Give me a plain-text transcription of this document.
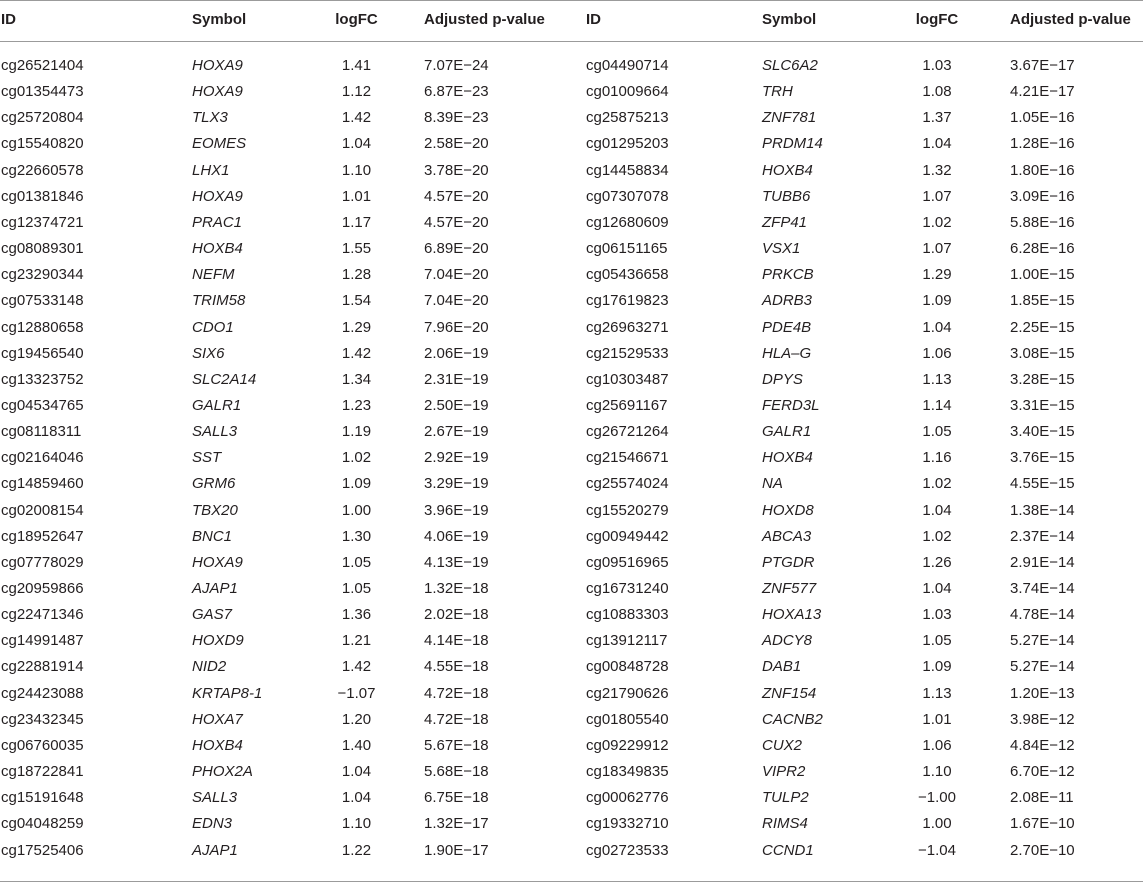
ID	Symbol	logFC	Adjusted p-value	ID	Symbol	logFC	Adjusted p-value
cg26521404	HOXA9	1.41	7.07E−24	cg04490714	SLC6A2	1.03	3.67E−17
cg01354473	HOXA9	1.12	6.87E−23	cg01009664	TRH	1.08	4.21E−17
cg25720804	TLX3	1.42	8.39E−23	cg25875213	ZNF781	1.37	1.05E−16
cg15540820	EOMES	1.04	2.58E−20	cg01295203	PRDM14	1.04	1.28E−16
cg22660578	LHX1	1.10	3.78E−20	cg14458834	HOXB4	1.32	1.80E−16
cg01381846	HOXA9	1.01	4.57E−20	cg07307078	TUBB6	1.07	3.09E−16
cg12374721	PRAC1	1.17	4.57E−20	cg12680609	ZFP41	1.02	5.88E−16
cg08089301	HOXB4	1.55	6.89E−20	cg06151165	VSX1	1.07	6.28E−16
cg23290344	NEFM	1.28	7.04E−20	cg05436658	PRKCB	1.29	1.00E−15
cg07533148	TRIM58	1.54	7.04E−20	cg17619823	ADRB3	1.09	1.85E−15
cg12880658	CDO1	1.29	7.96E−20	cg26963271	PDE4B	1.04	2.25E−15
cg19456540	SIX6	1.42	2.06E−19	cg21529533	HLA–G	1.06	3.08E−15
cg13323752	SLC2A14	1.34	2.31E−19	cg10303487	DPYS	1.13	3.28E−15
cg04534765	GALR1	1.23	2.50E−19	cg25691167	FERD3L	1.14	3.31E−15
cg08118311	SALL3	1.19	2.67E−19	cg26721264	GALR1	1.05	3.40E−15
cg02164046	SST	1.02	2.92E−19	cg21546671	HOXB4	1.16	3.76E−15
cg14859460	GRM6	1.09	3.29E−19	cg25574024	NA	1.02	4.55E−15
cg02008154	TBX20	1.00	3.96E−19	cg15520279	HOXD8	1.04	1.38E−14
cg18952647	BNC1	1.30	4.06E−19	cg00949442	ABCA3	1.02	2.37E−14
cg07778029	HOXA9	1.05	4.13E−19	cg09516965	PTGDR	1.26	2.91E−14
cg20959866	AJAP1	1.05	1.32E−18	cg16731240	ZNF577	1.04	3.74E−14
cg22471346	GAS7	1.36	2.02E−18	cg10883303	HOXA13	1.03	4.78E−14
cg14991487	HOXD9	1.21	4.14E−18	cg13912117	ADCY8	1.05	5.27E−14
cg22881914	NID2	1.42	4.55E−18	cg00848728	DAB1	1.09	5.27E−14
cg24423088	KRTAP8-1	−1.07	4.72E−18	cg21790626	ZNF154	1.13	1.20E−13
cg23432345	HOXA7	1.20	4.72E−18	cg01805540	CACNB2	1.01	3.98E−12
cg06760035	HOXB4	1.40	5.67E−18	cg09229912	CUX2	1.06	4.84E−12
cg18722841	PHOX2A	1.04	5.68E−18	cg18349835	VIPR2	1.10	6.70E−12
cg15191648	SALL3	1.04	6.75E−18	cg00062776	TULP2	−1.00	2.08E−11
cg04048259	EDN3	1.10	1.32E−17	cg19332710	RIMS4	1.00	1.67E−10
cg17525406	AJAP1	1.22	1.90E−17	cg02723533	CCND1	−1.04	2.70E−10
